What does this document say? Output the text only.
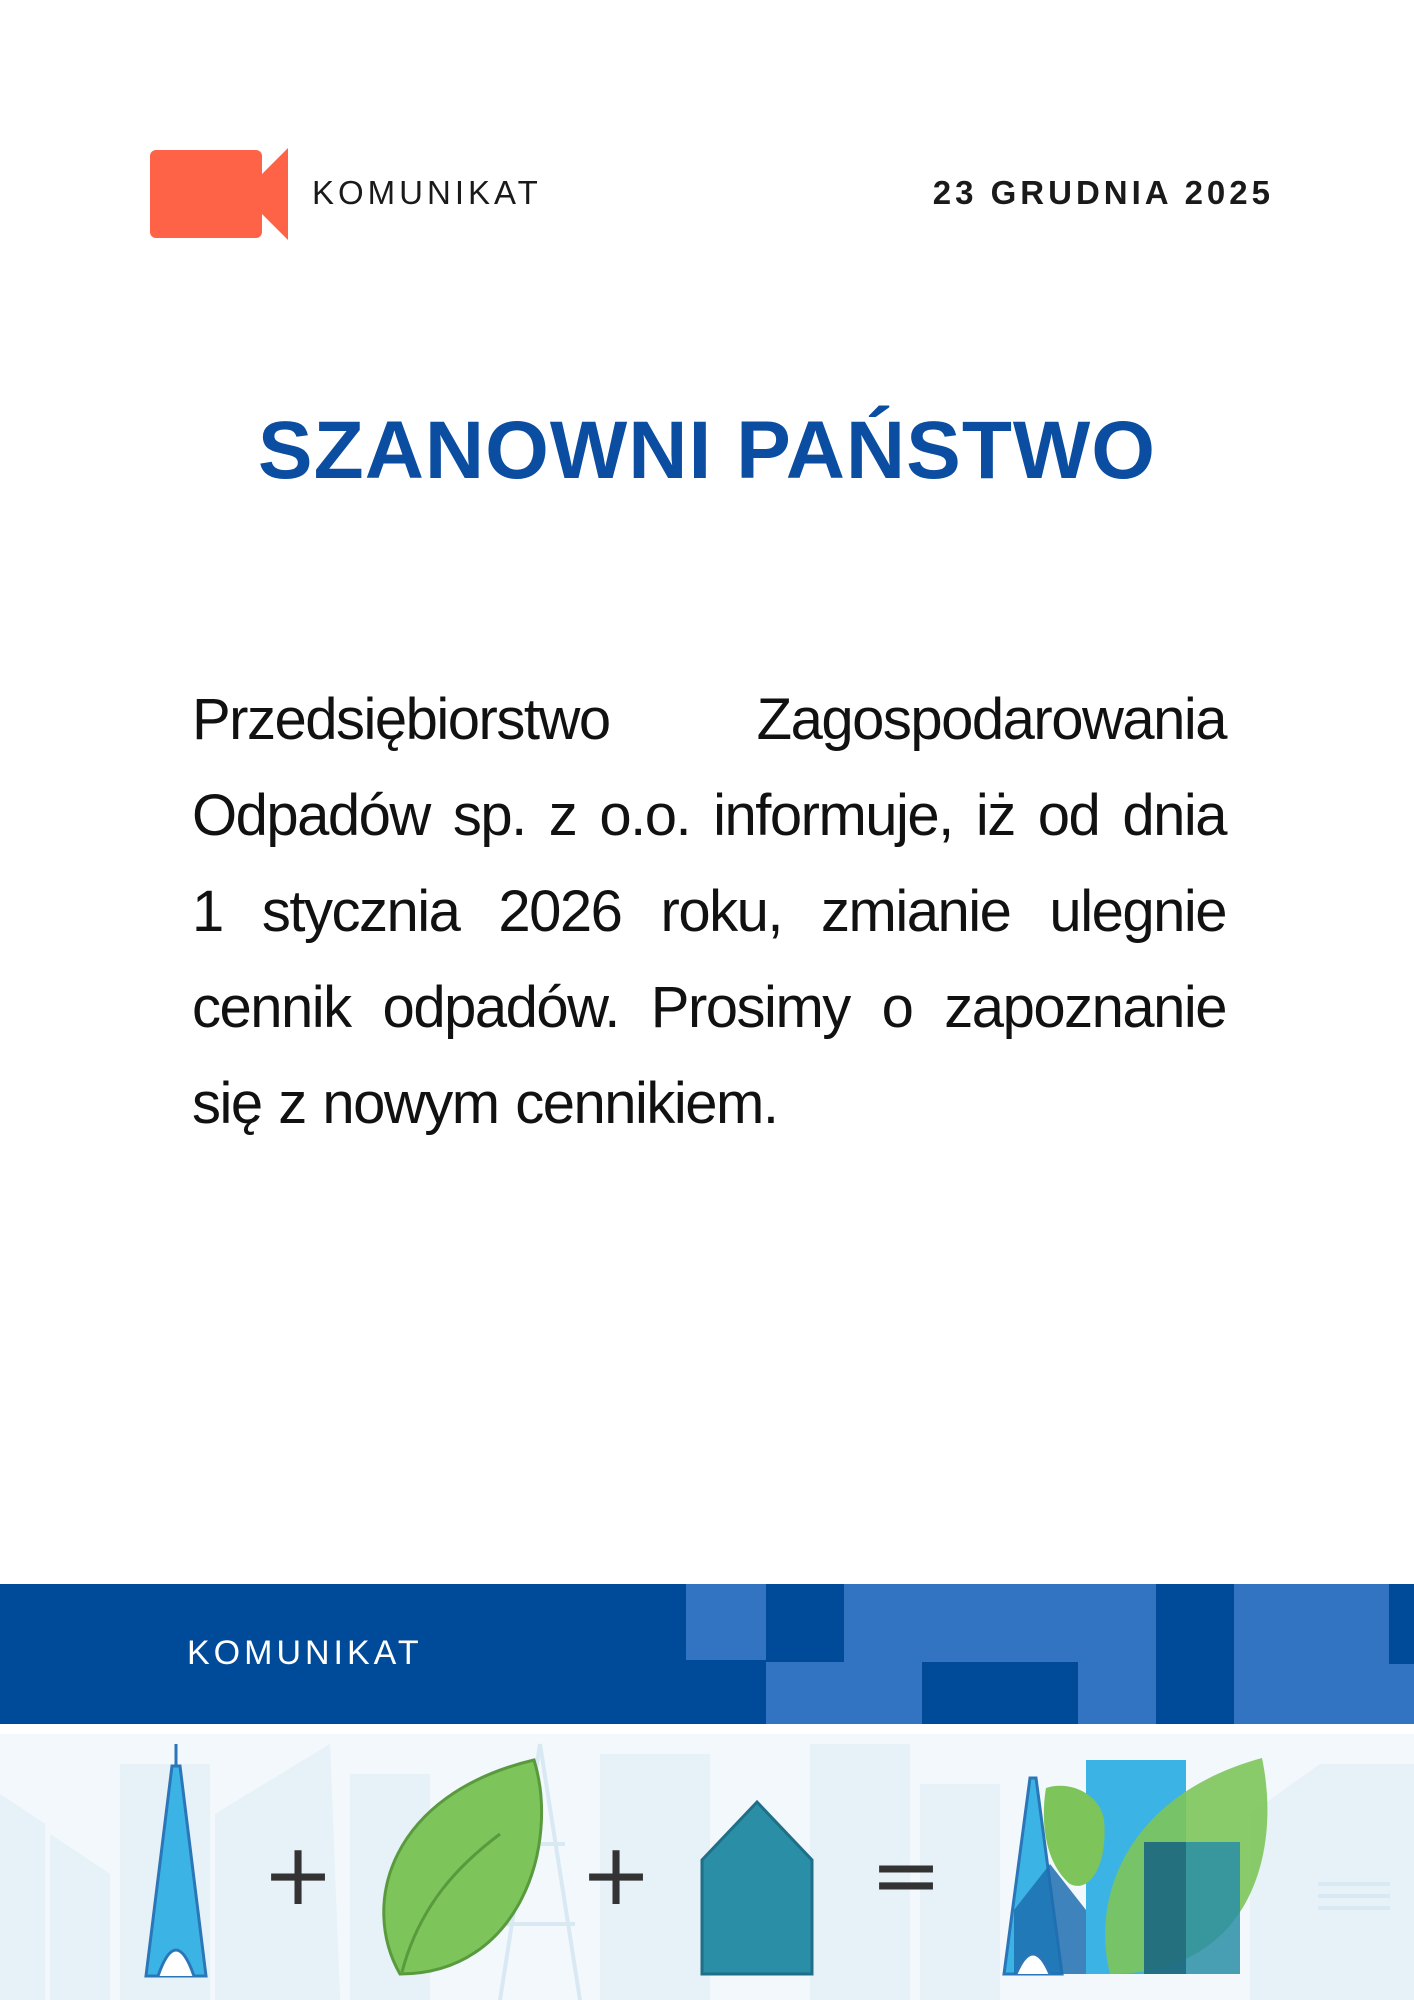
KOMUNIKAT	23 GRUDNIA 2025
SZANOWNI PAŃSTWO
Przedsiębiorstwo Zagospodarowania Odpadów sp. z o.o. informuje, iż od dnia 1 stycznia 2026 roku, zmianie ulegnie cennik odpadów. Prosimy o zapoznanie się z nowym cennikiem.
KOMUNIKAT
+	+	=
